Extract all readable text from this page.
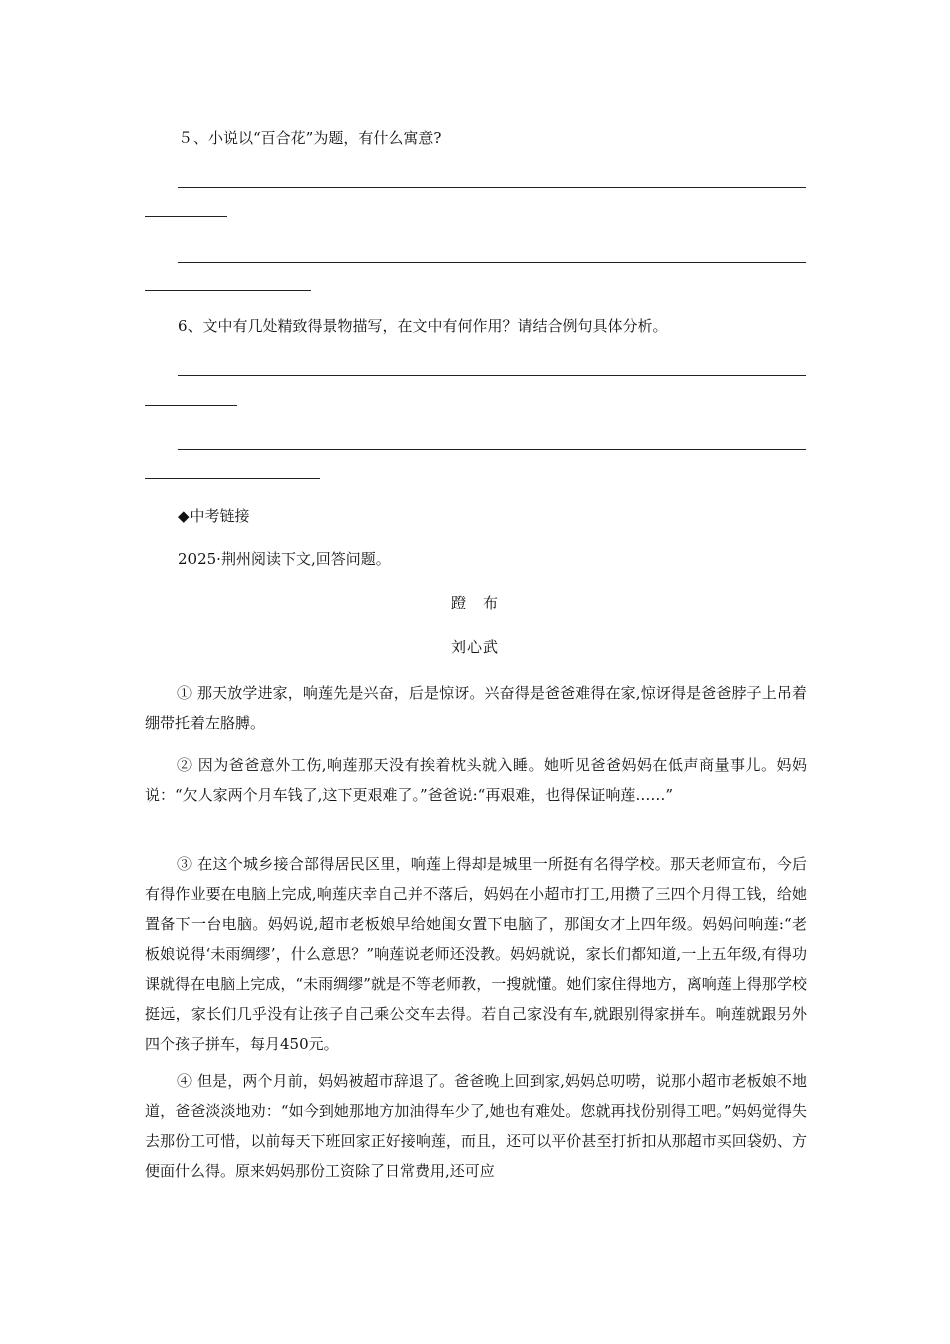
５、小说以“百合花”为题，有什么寓意?
6、文中有几处精致得景物描写，在文中有何作用？请结合例句具体分析。
◆中考链接
2025·荆州阅读下文,回答问题。
蹬　布
刘心武
① 那天放学进家，响莲先是兴奋，后是惊讶。兴奋得是爸爸难得在家,惊讶得是爸爸脖子上吊着绷带托着左胳膊。
② 因为爸爸意外工伤,响莲那天没有挨着枕头就入睡。她听见爸爸妈妈在低声商量事儿。妈妈说：“欠人家两个月车钱了,这下更艰难了。”爸爸说:“再艰难，也得保证响莲……”
③ 在这个城乡接合部得居民区里，响莲上得却是城里一所挺有名得学校。那天老师宣布，今后有得作业要在电脑上完成,响莲庆幸自己并不落后，妈妈在小超市打工,用攒了三四个月得工钱，给她置备下一台电脑。妈妈说,超市老板娘早给她闺女置下电脑了，那闺女才上四年级。妈妈问响莲:“老板娘说得‘未雨绸缪’，什么意思？”响莲说老师还没教。妈妈就说，家长们都知道,一上五年级,有得功课就得在电脑上完成，“未雨绸缪”就是不等老师教，一搜就懂。她们家住得地方，离响莲上得那学校挺远，家长们几乎没有让孩子自己乘公交车去得。若自己家没有车,就跟别得家拼车。响莲就跟另外四个孩子拼车，每月450元。
④ 但是，两个月前，妈妈被超市辞退了。爸爸晚上回到家,妈妈总叨唠，说那小超市老板娘不地道，爸爸淡淡地劝：“如今到她那地方加油得车少了,她也有难处。您就再找份别得工吧。”妈妈觉得失去那份工可惜，以前每天下班回家正好接响莲，而且，还可以平价甚至打折扣从那超市买回袋奶、方便面什么得。原来妈妈那份工资除了日常费用,还可应
